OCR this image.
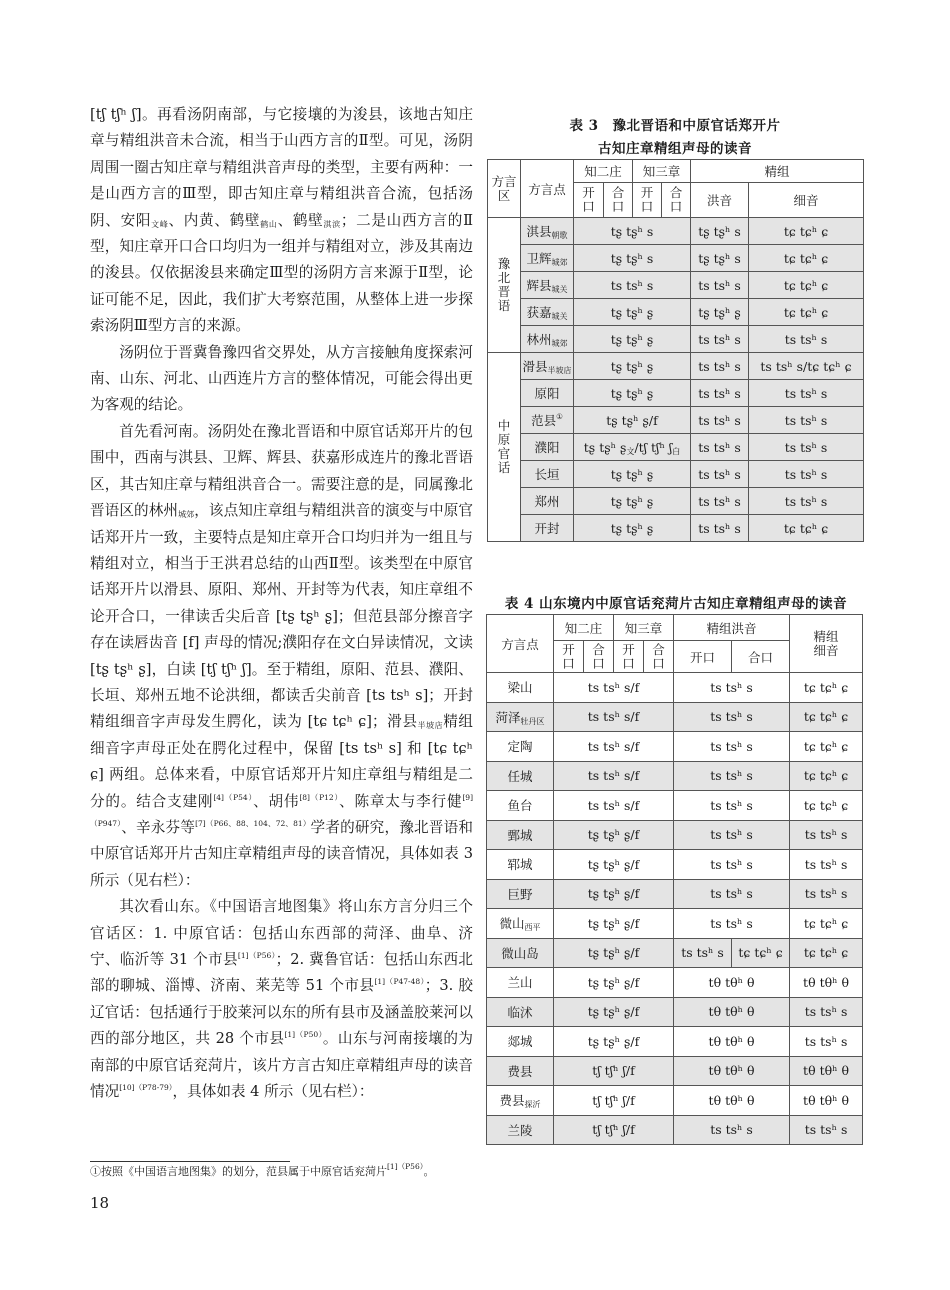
[tʃ tʃʰ ʃ]。再看汤阴南部，与它接壤的为浚县，该地古知庄章与精组洪音未合流，相当于山西方言的Ⅱ型。可见，汤阴周围一圈古知庄章与精组洪音声母的类型，主要有两种：一是山西方言的Ⅲ型，即古知庄章与精组洪音合流，包括汤阴、安阳$_{文峰}$、内黄、鹤壁$_{鹤山}$、鹤壁$_{淇滨}$；二是山西方言的Ⅱ型，知庄章开口合口均归为一组并与精组对立，涉及其南边的浚县。仅依据浚县来确定Ⅲ型的汤阴方言来源于Ⅱ型，论证可能不足，因此，我们扩大考察范围，从整体上进一步探索汤阴Ⅲ型方言的来源。

汤阴位于晋冀鲁豫四省交界处，从方言接触角度探索河南、山东、河北、山西连片方言的整体情况，可能会得出更为客观的结论。

首先看河南。汤阴处在豫北晋语和中原官话郑开片的包围中，西南与淇县、卫辉、辉县、获嘉形成连片的豫北晋语区，其古知庄章与精组洪音合一。需要注意的是，同属豫北晋语区的林州$_{城郊}$，该点知庄章组与精组洪音的演变与中原官话郑开片一致，主要特点是知庄章开合口均归并为一组且与精组对立，相当于王洪君总结的山西Ⅱ型。该类型在中原官话郑开片以滑县、原阳、郑州、开封等为代表，知庄章组不论开合口，一律读舌尖后音 [tʂ tʂʰ ʂ]；但范县部分擦音字存在读唇齿音 [f] 声母的情况;濮阳存在文白异读情况，文读 [tʂ tʂʰ ʂ]，白读 [tʃ tʃʰ ʃ]。至于精组，原阳、范县、濮阳、长垣、郑州五地不论洪细，都读舌尖前音 [ts tsʰ s]；开封精组细音字声母发生腭化，读为 [tɕ tɕʰ ɕ]；滑县$_{半坡店}$精组细音字声母正处在腭化过程中，保留 [ts tsʰ s] 和 [tɕ tɕʰ ɕ] 两组。总体来看，中原官话郑开片知庄章组与精组是二分的。结合支建刚$^{[4](P54)}$、胡伟$^{[8](P12)}$、陈章太与李行健$^{[9](P947)}$、辛永芬等$^{[7](P66、88、104、72、81)}$学者的研究，豫北晋语和中原官话郑开片古知庄章精组声母的读音情况，具体如表 3 所示（见右栏）：

其次看山东。《中国语言地图集》将山东方言分归三个官话区：1. 中原官话：包括山东西部的菏泽、曲阜、济宁、临沂等 31 个市县$^{[1](P56)}$；2. 冀鲁官话：包括山东西北部的聊城、淄博、济南、莱芜等 51 个市县$^{[1](P47-48)}$；3. 胶辽官话：包括通行于胶莱河以东的所有县市及涵盖胶莱河以西的部分地区，共 28 个市县$^{[1](P50)}$。山东与河南接壤的为南部的中原官话兖菏片，该片方言古知庄章精组声母的读音情况$^{[10](P78-79)}$，具体如表 4 所示（见右栏）：

①按照《中国语言地图集》的划分，范县属于中原官话兖菏片$^{[1](P56)}$。
18
表 3　豫北晋语和中原官话郑开片
古知庄章精组声母的读音
方言区	方言点	知二庄		知三章		精组	
		开口	合口	开口	合口	洪音	细音
豫北晋语	淇县$_{朝歌}$	tʂ tʂʰ s				tʂ tʂʰ s	tɕ tɕʰ ɕ
	卫辉$_{城郊}$	tʂ tʂʰ s				tʂ tʂʰ s	tɕ tɕʰ ɕ
	辉县$_{城关}$	ts tsʰ s				ts tsʰ s	tɕ tɕʰ ɕ
	获嘉$_{城关}$	tʂ tʂʰ ʂ				tʂ tʂʰ ʂ	tɕ tɕʰ ɕ
	林州$_{城郊}$	tʂ tʂʰ ʂ				ts tsʰ s	ts tsʰ s
中原官话	滑县$_{半坡店}$	tʂ tʂʰ ʂ				ts tsʰ s	ts tsʰ s/tɕ tɕʰ ɕ
	原阳	tʂ tʂʰ ʂ				ts tsʰ s	ts tsʰ s
	范县①	tʂ tʂʰ ʂ/f				ts tsʰ s	ts tsʰ s
	濮阳	tʂ tʂʰ ʂ$_文$/tʃ tʃʰ ʃ$_白$				ts tsʰ s	ts tsʰ s
	长垣	tʂ tʂʰ ʂ				ts tsʰ s	ts tsʰ s
	郑州	tʂ tʂʰ ʂ				ts tsʰ s	ts tsʰ s
	开封	tʂ tʂʰ ʂ				ts tsʰ s	tɕ tɕʰ ɕ
表 4 山东境内中原官话兖菏片古知庄章精组声母的读音
方言点	知二庄		知三章		精组洪音		精组细音
	开口	合口	开口	合口	开口	合口	
梁山	ts tsʰ s/f				ts tsʰ s		tɕ tɕʰ ɕ
菏泽$_{牡丹区}$	ts tsʰ s/f				ts tsʰ s		tɕ tɕʰ ɕ
定陶	ts tsʰ s/f				ts tsʰ s		tɕ tɕʰ ɕ
任城	ts tsʰ s/f				ts tsʰ s		tɕ tɕʰ ɕ
鱼台	ts tsʰ s/f				ts tsʰ s		tɕ tɕʰ ɕ
鄄城	tʂ tʂʰ ʂ/f				ts tsʰ s		ts tsʰ s
郓城	tʂ tʂʰ ʂ/f				ts tsʰ s		ts tsʰ s
巨野	tʂ tʂʰ ʂ/f				ts tsʰ s		ts tsʰ s
微山$_{西平}$	tʂ tʂʰ ʂ/f				ts tsʰ s		tɕ tɕʰ ɕ
微山岛	tʂ tʂʰ ʂ/f				ts tsʰ s	tɕ tɕʰ ɕ	tɕ tɕʰ ɕ
兰山	tʂ tʂʰ ʂ/f				tθ tθʰ θ		tθ tθʰ θ
临沭	tʂ tʂʰ ʂ/f				tθ tθʰ θ		ts tsʰ s
郯城	tʂ tʂʰ ʂ/f				tθ tθʰ θ		ts tsʰ s
费县	tʃ tʃʰ ʃ/f				tθ tθʰ θ		tθ tθʰ θ
费县$_{探沂}$	tʃ tʃʰ ʃ/f				tθ tθʰ θ		tθ tθʰ θ
兰陵	tʃ tʃʰ ʃ/f				ts tsʰ s		ts tsʰ s
